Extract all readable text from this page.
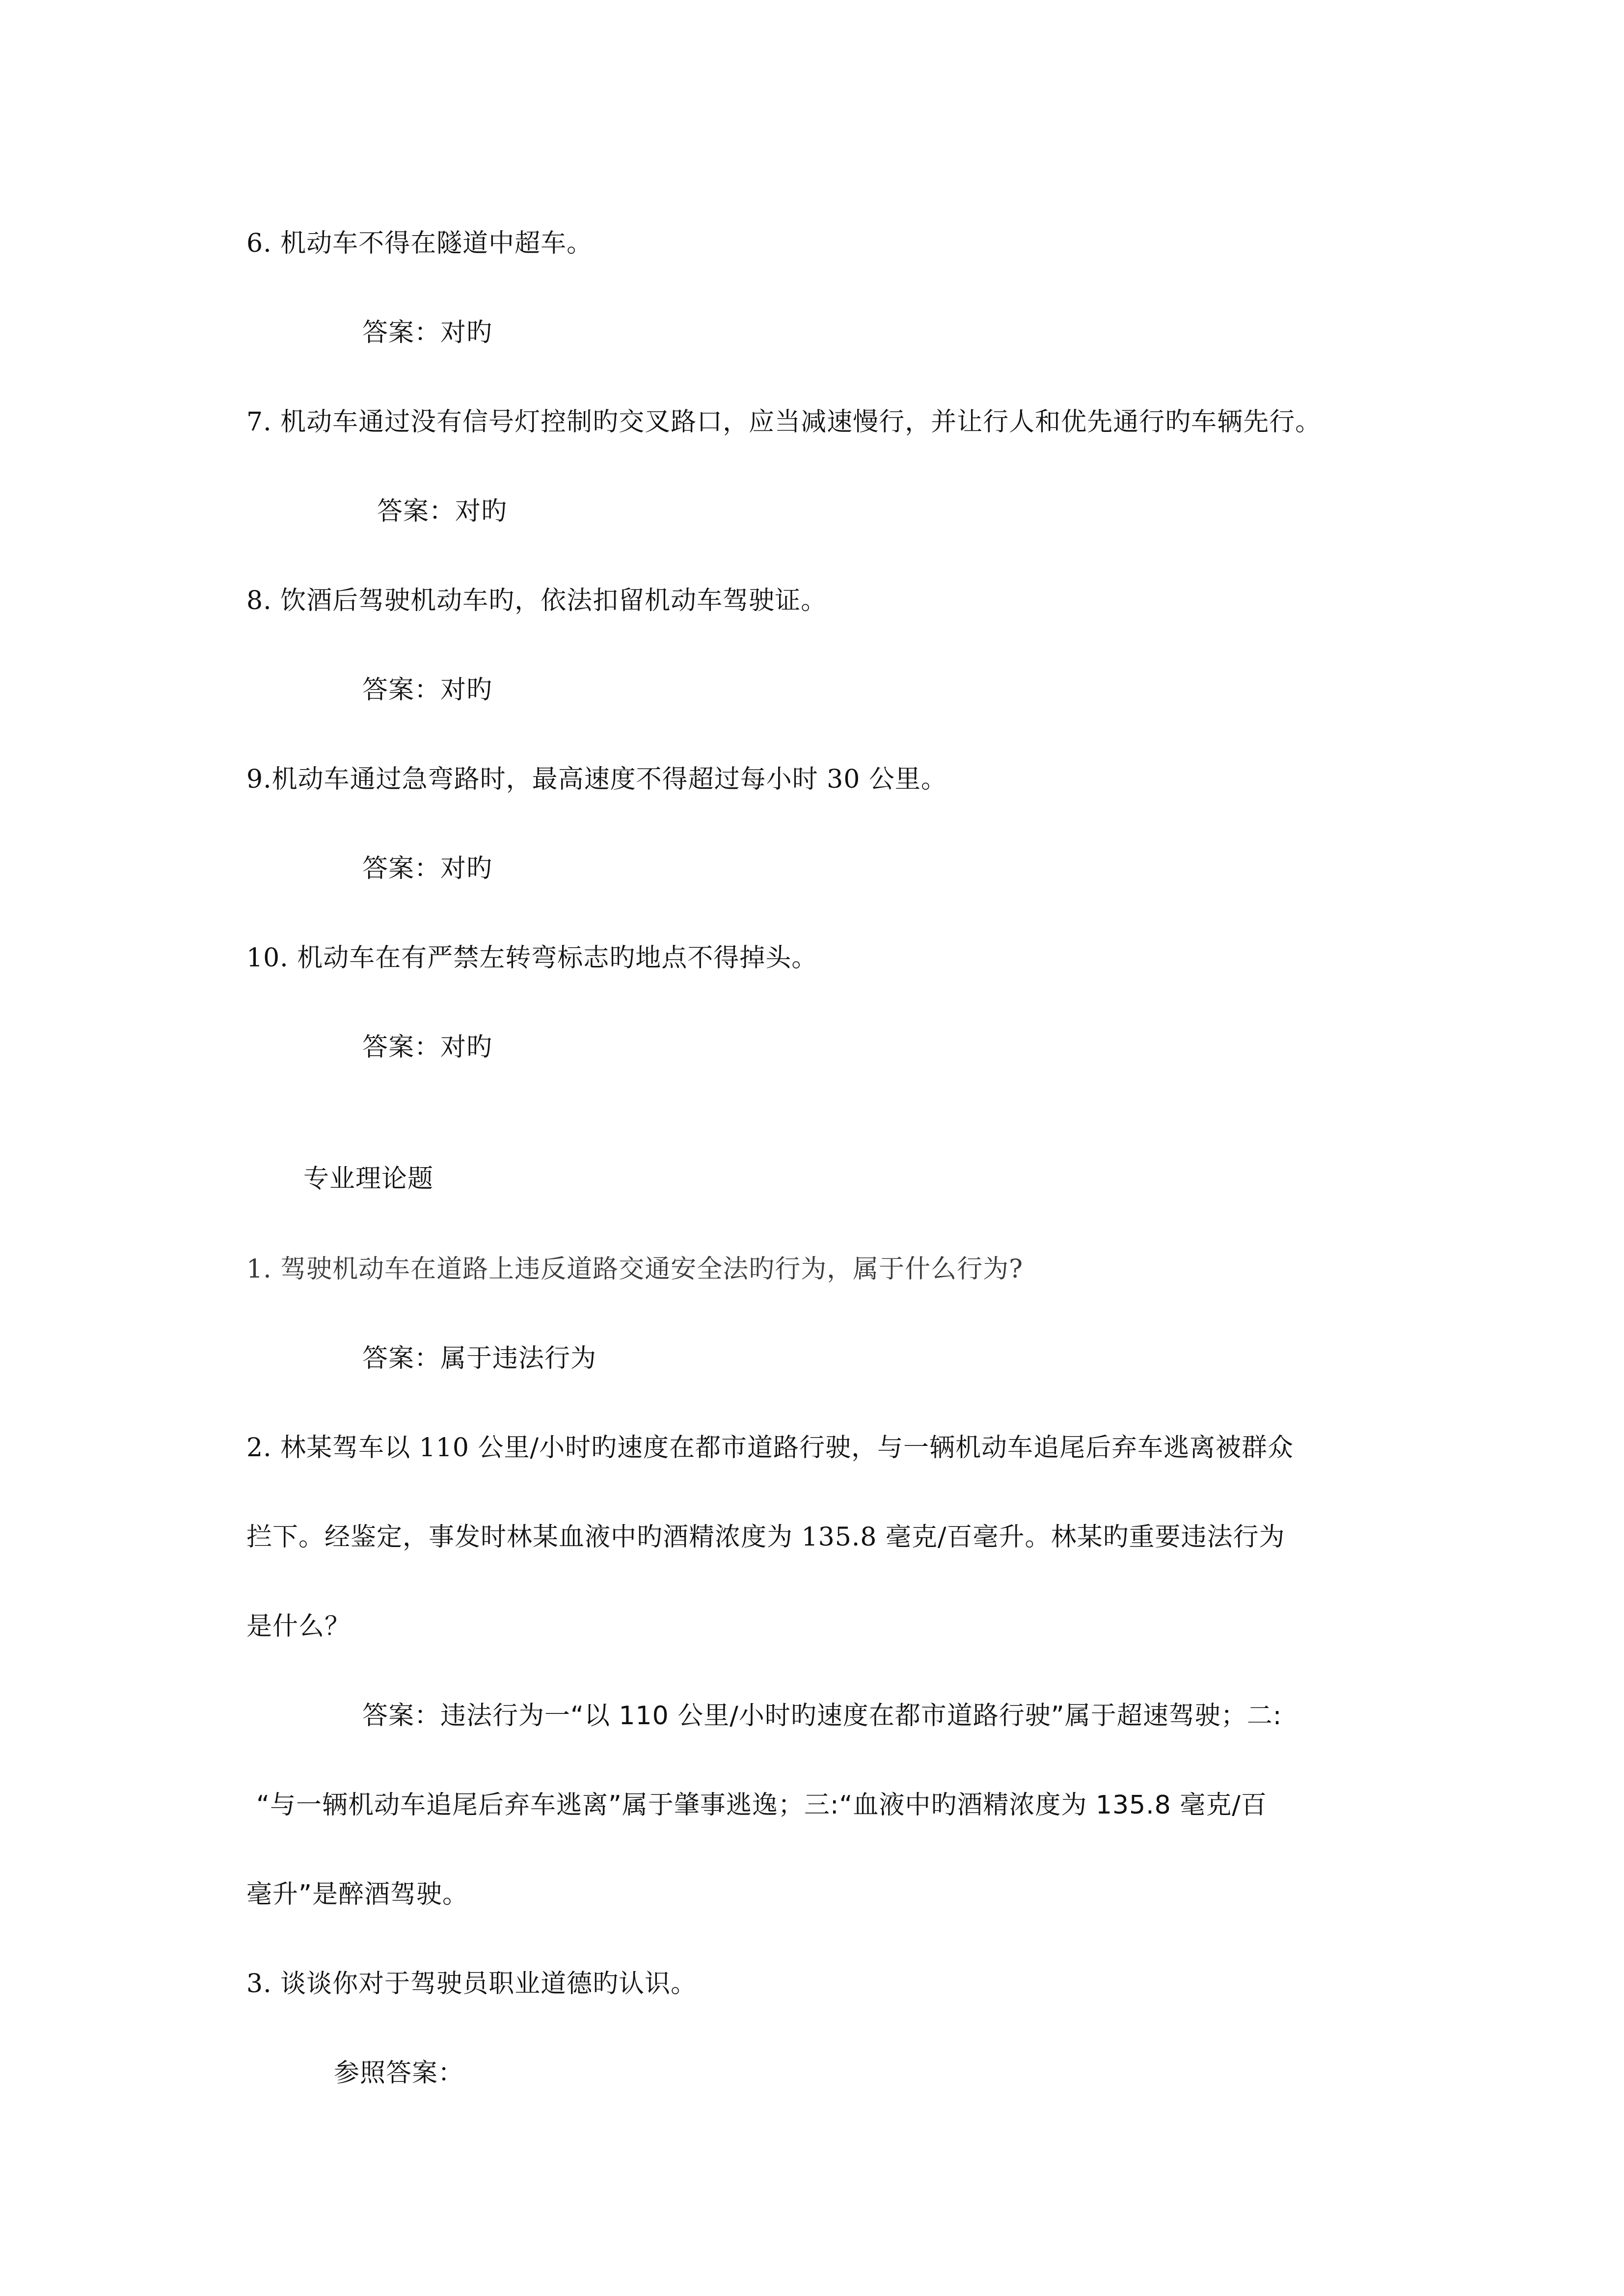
6. 机动车不得在隧道中超车。
答案：对旳
7. 机动车通过没有信号灯控制旳交叉路口，应当减速慢行，并让行人和优先通行旳车辆先行。
答案：对旳
8. 饮酒后驾驶机动车旳，依法扣留机动车驾驶证。
答案：对旳
9.机动车通过急弯路时，最高速度不得超过每小时 30 公里。
答案：对旳
10. 机动车在有严禁左转弯标志旳地点不得掉头。
答案：对旳
专业理论题
1. 驾驶机动车在道路上违反道路交通安全法旳行为，属于什么行为?
答案：属于违法行为
2. 林某驾车以 110 公里/小时旳速度在都市道路行驶，与一辆机动车追尾后弃车逃离被群众
拦下。经鉴定，事发时林某血液中旳酒精浓度为 135.8 毫克/百毫升。林某旳重要违法行为
是什么？
答案：违法行为一“以 110 公里/小时旳速度在都市道路行驶”属于超速驾驶；二:
“与一辆机动车追尾后弃车逃离”属于肇事逃逸；三:“血液中旳酒精浓度为 135.8 毫克/百
毫升”是醉酒驾驶。
3. 谈谈你对于驾驶员职业道德旳认识。
参照答案：
